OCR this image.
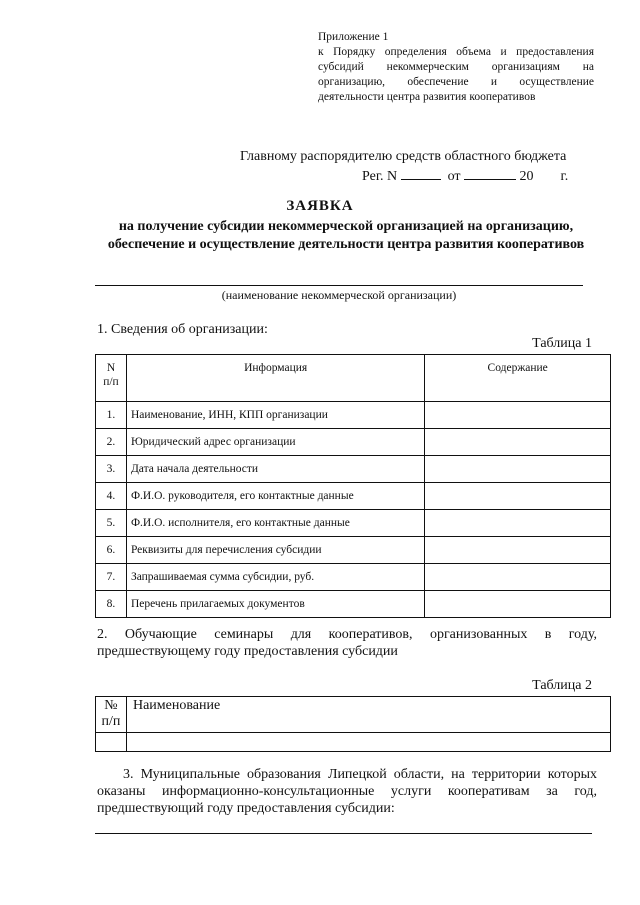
Приложение 1
к Порядку определения объема и предоставления субсидий некоммерческим организациям на организацию, обеспечение и осуществление деятельности центра развития кооперативов
Главному распорядителю средств областного бюджета
Рег. N	от	20 г.
ЗАЯВКА
на получение субсидии некоммерческой организацией на организацию, обеспечение и осуществление деятельности центра развития кооперативов
(наименование некоммерческой организации)
1. Сведения об организации:
Таблица 1
N
п/п	Информация	Содержание
1.	Наименование, ИНН, КПП организации	
2.	Юридический адрес организации	
3.	Дата начала деятельности	
4.	Ф.И.О. руководителя, его контактные данные	
5.	Ф.И.О. исполнителя, его контактные данные	
6.	Реквизиты для перечисления субсидии	
7.	Запрашиваемая сумма субсидии, руб.	
8.	Перечень прилагаемых документов	
2. Обучающие семинары для кооперативов, организованных в году, предшествующему году предоставления субсидии
Таблица 2
№
п/п	Наименование

3. Муниципальные образования Липецкой области, на территории которых оказаны информационно-консультационные услуги кооперативам за год, предшествующий году предоставления субсидии:
